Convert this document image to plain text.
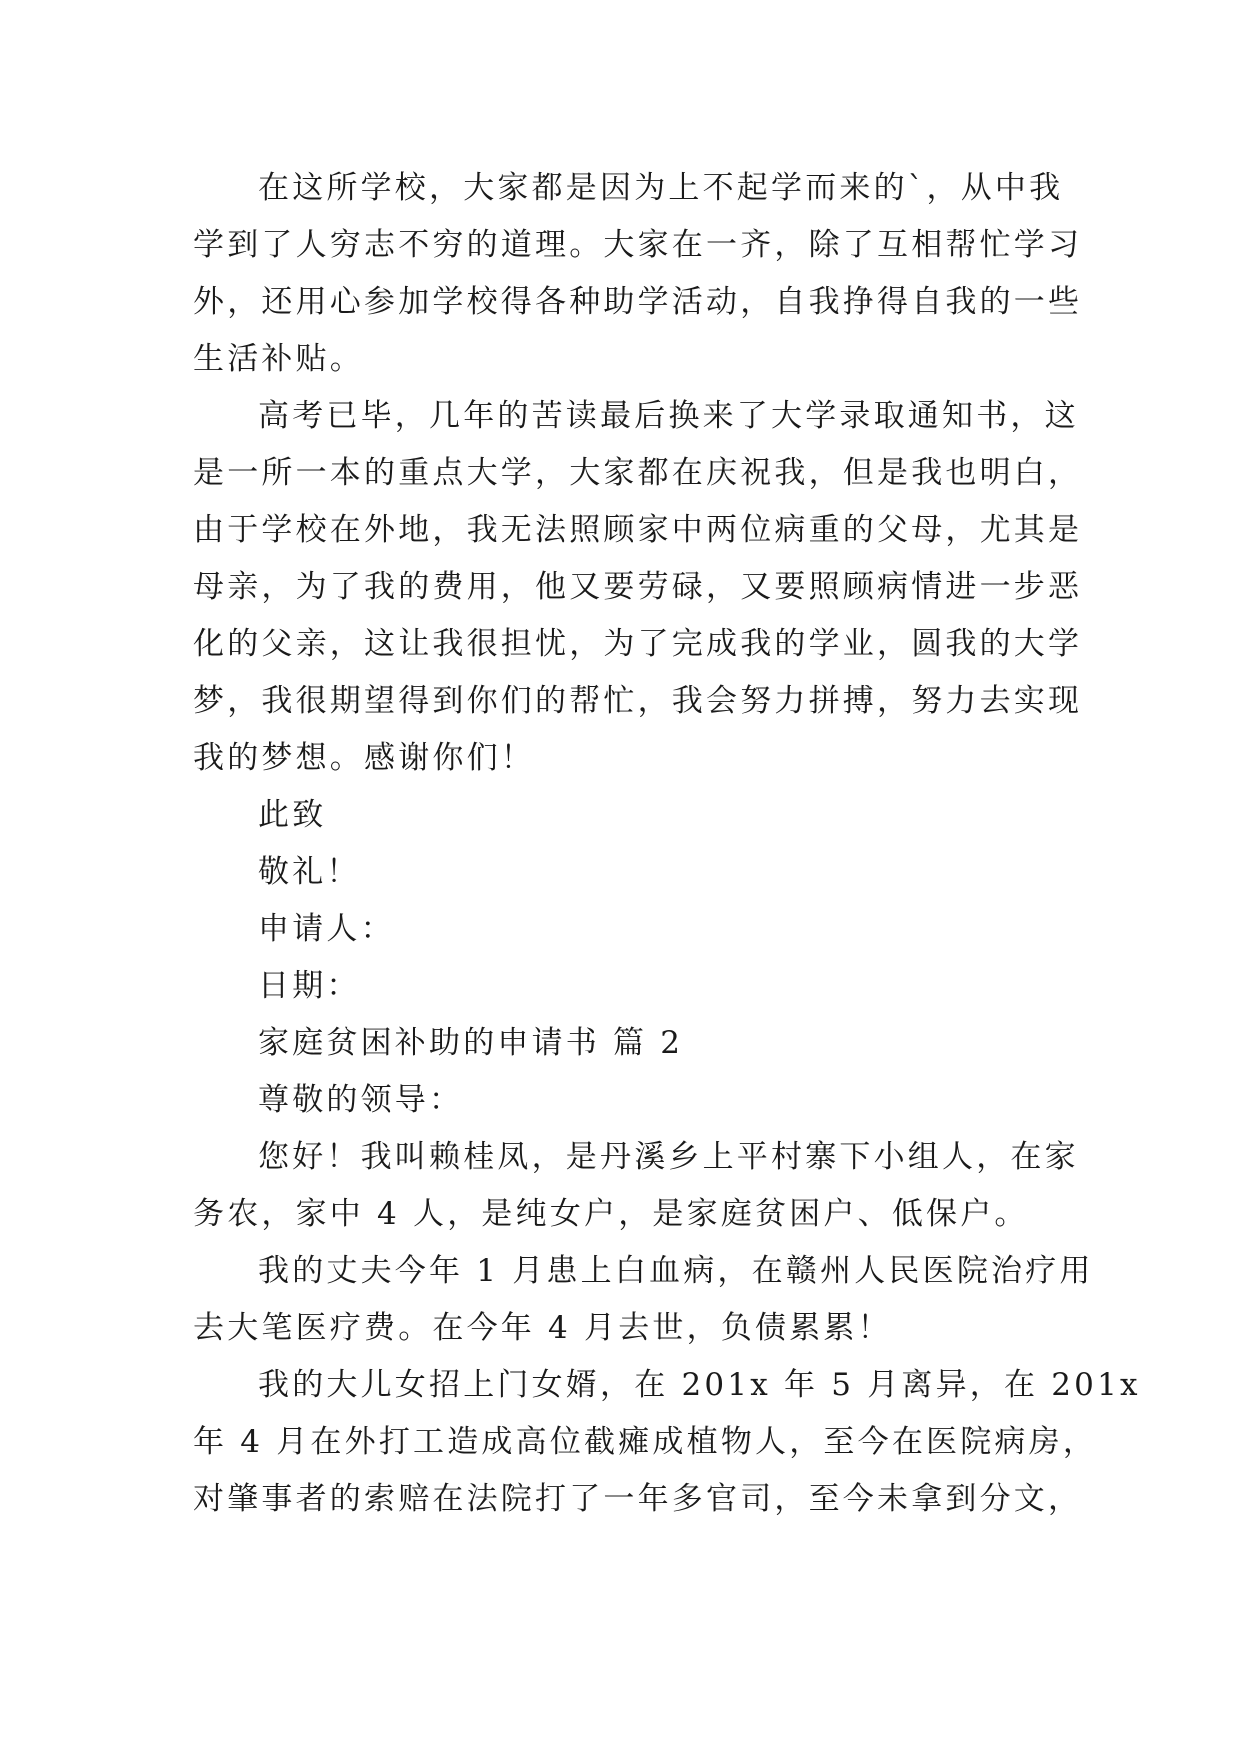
在这所学校，大家都是因为上不起学而来的`，从中我
学到了人穷志不穷的道理。大家在一齐，除了互相帮忙学习
外，还用心参加学校得各种助学活动，自我挣得自我的一些
生活补贴。
高考已毕，几年的苦读最后换来了大学录取通知书，这
是一所一本的重点大学，大家都在庆祝我，但是我也明白，
由于学校在外地，我无法照顾家中两位病重的父母，尤其是
母亲，为了我的费用，他又要劳碌，又要照顾病情进一步恶
化的父亲，这让我很担忧，为了完成我的学业，圆我的大学
梦，我很期望得到你们的帮忙，我会努力拼搏，努力去实现
我的梦想。感谢你们！
此致
敬礼！
申请人：
日期：
家庭贫困补助的申请书 篇 2
尊敬的领导：
您好！我叫赖桂凤，是丹溪乡上平村寨下小组人，在家
务农，家中 4 人，是纯女户，是家庭贫困户、低保户。
我的丈夫今年 1 月患上白血病，在赣州人民医院治疗用
去大笔医疗费。在今年 4 月去世，负债累累！
我的大儿女招上门女婿，在 201x 年 5 月离异，在 201x
年 4 月在外打工造成高位截瘫成植物人，至今在医院病房，
对肇事者的索赔在法院打了一年多官司，至今未拿到分文，
